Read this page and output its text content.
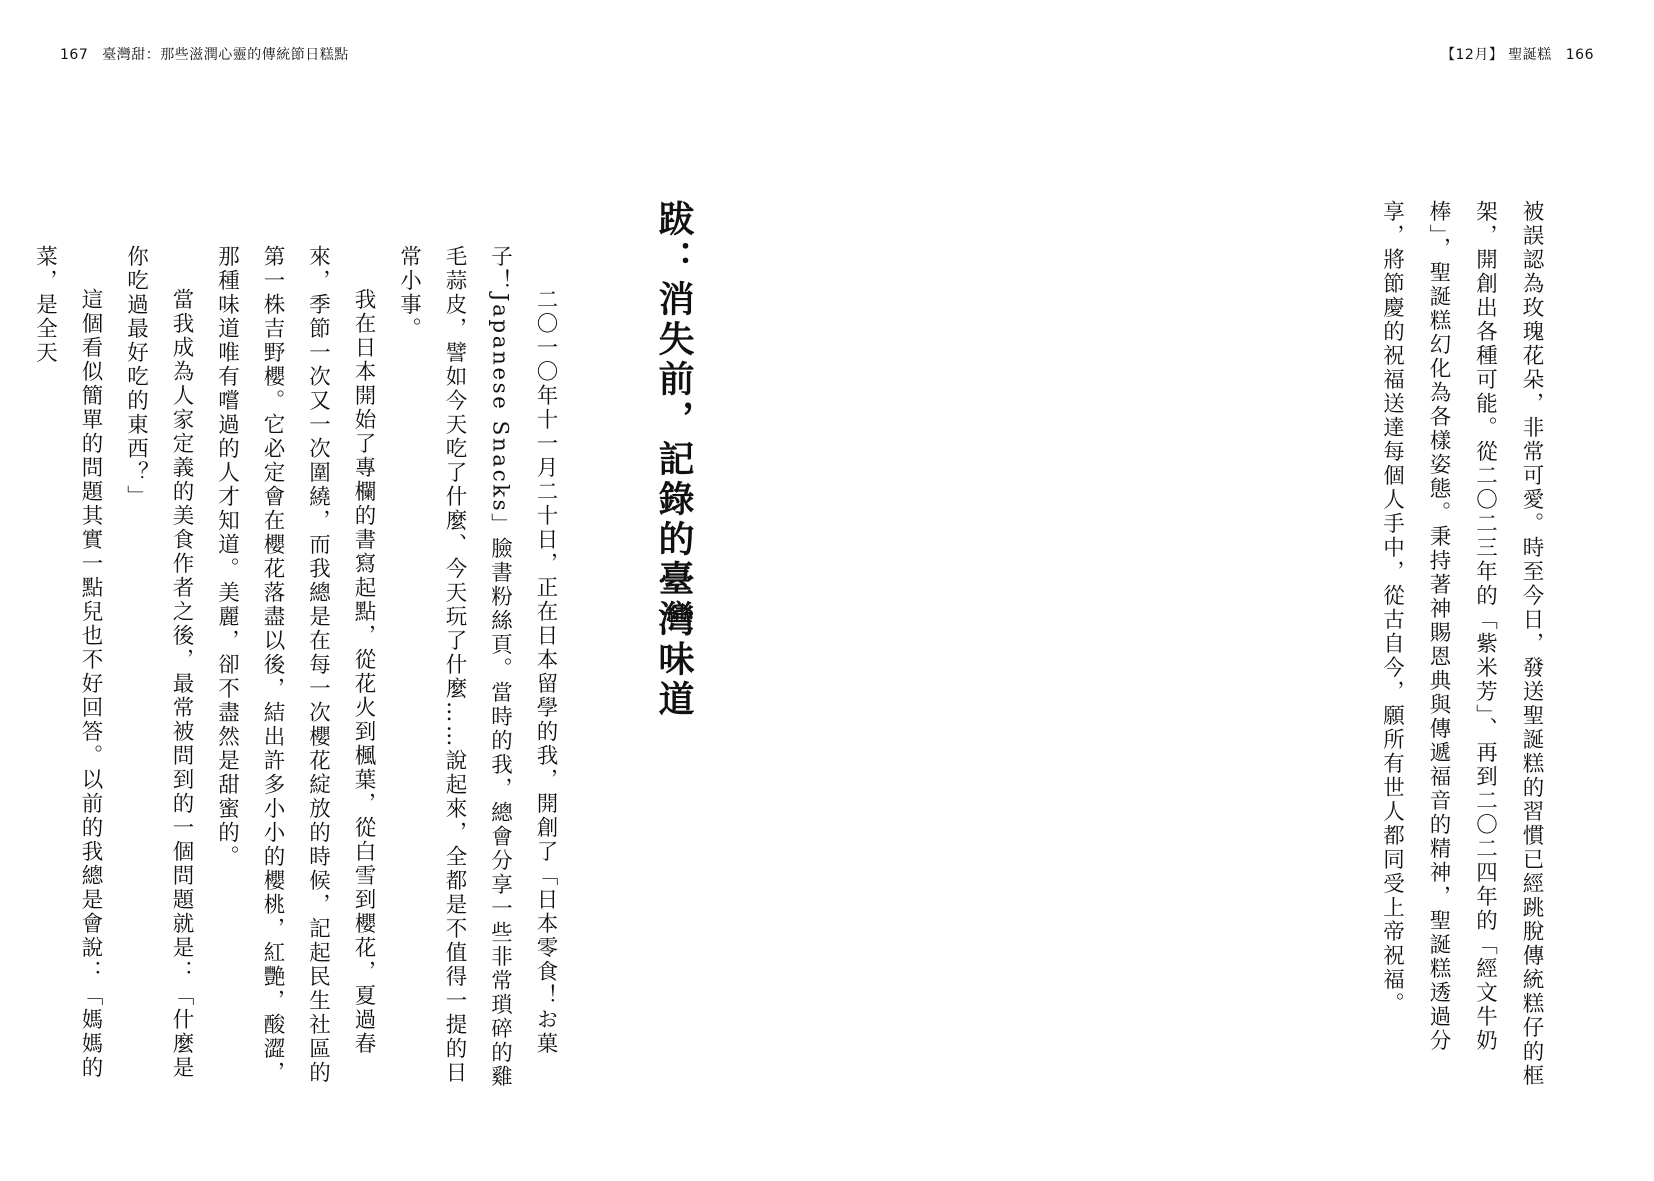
167 臺灣甜：那些滋潤心靈的傳統節日糕點	【12月】 聖誕糕 166

被誤認為玫瑰花朵，非常可愛。時至今日，發送聖誕糕的習慣已經跳脫傳統糕仔的框架，開創出各種可能。從二〇二三年的「紫米芳」、再到二〇二四年的「經文牛奶棒」，聖誕糕幻化為各樣姿態。秉持著神賜恩典與傳遞福音的精神，聖誕糕透過分享，將節慶的祝福送達每個人手中，從古自今，願所有世人都同受上帝祝福。

跋：消失前，記錄的臺灣味道

二〇一〇年十一月二十日，正在日本留學的我，開創了「日本零食！お菓子！Japanese Snacks」臉書粉絲頁。當時的我，總會分享一些非常瑣碎的雞毛蒜皮，譬如今天吃了什麼、今天玩了什麼……說起來，全都是不值得一提的日常小事。

我在日本開始了專欄的書寫起點，從花火到楓葉，從白雪到櫻花，夏過春來，季節一次又一次圍繞，而我總是在每一次櫻花綻放的時候，記起民生社區的第一株吉野櫻。它必定會在櫻花落盡以後，結出許多小小的櫻桃，紅艷，酸澀，那種味道唯有嚐過的人才知道。美麗，卻不盡然是甜蜜的。

當我成為人家定義的美食作者之後，最常被問到的一個問題就是：「什麼是你吃過最好吃的東西？」

這個看似簡單的問題其實一點兒也不好回答。以前的我總是會說：「媽媽的菜，是全天
